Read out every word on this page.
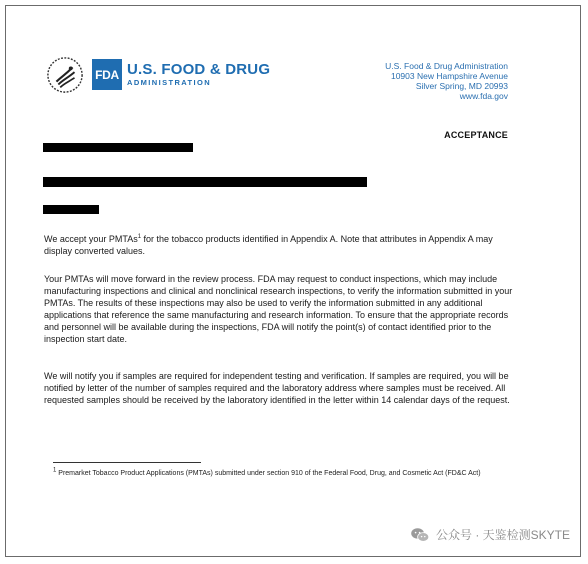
FDA U.S. FOOD & DRUG
ADMINISTRATION
U.S. Food & Drug Administration
10903 New Hampshire Avenue
Silver Spring, MD 20993
www.fda.gov
ACCEPTANCE

We accept your PMTAs$^1$ for the tobacco products identified in Appendix A. Note that attributes in Appendix A may display converted values.

Your PMTAs will move forward in the review process. FDA may request to conduct inspections, which may include manufacturing inspections and clinical and nonclinical research inspections, to verify the information submitted in your PMTAs. The results of these inspections may also be used to verify the information submitted in any additional applications that reference the same manufacturing and research information. To ensure that the appropriate records and personnel will be available during the inspections, FDA will notify the point(s) of contact identified prior to the inspection start date.

We will notify you if samples are required for independent testing and verification. If samples are required, you will be notified by letter of the number of samples required and the laboratory address where samples must be received. All requested samples should be received by the laboratory identified in the letter within 14 calendar days of the request.

$^1$ Premarket Tobacco Product Applications (PMTAs) submitted under section 910 of the Federal Food, Drug, and Cosmetic Act (FD&C Act)
公众号 · 天鉴检测SKYTE
